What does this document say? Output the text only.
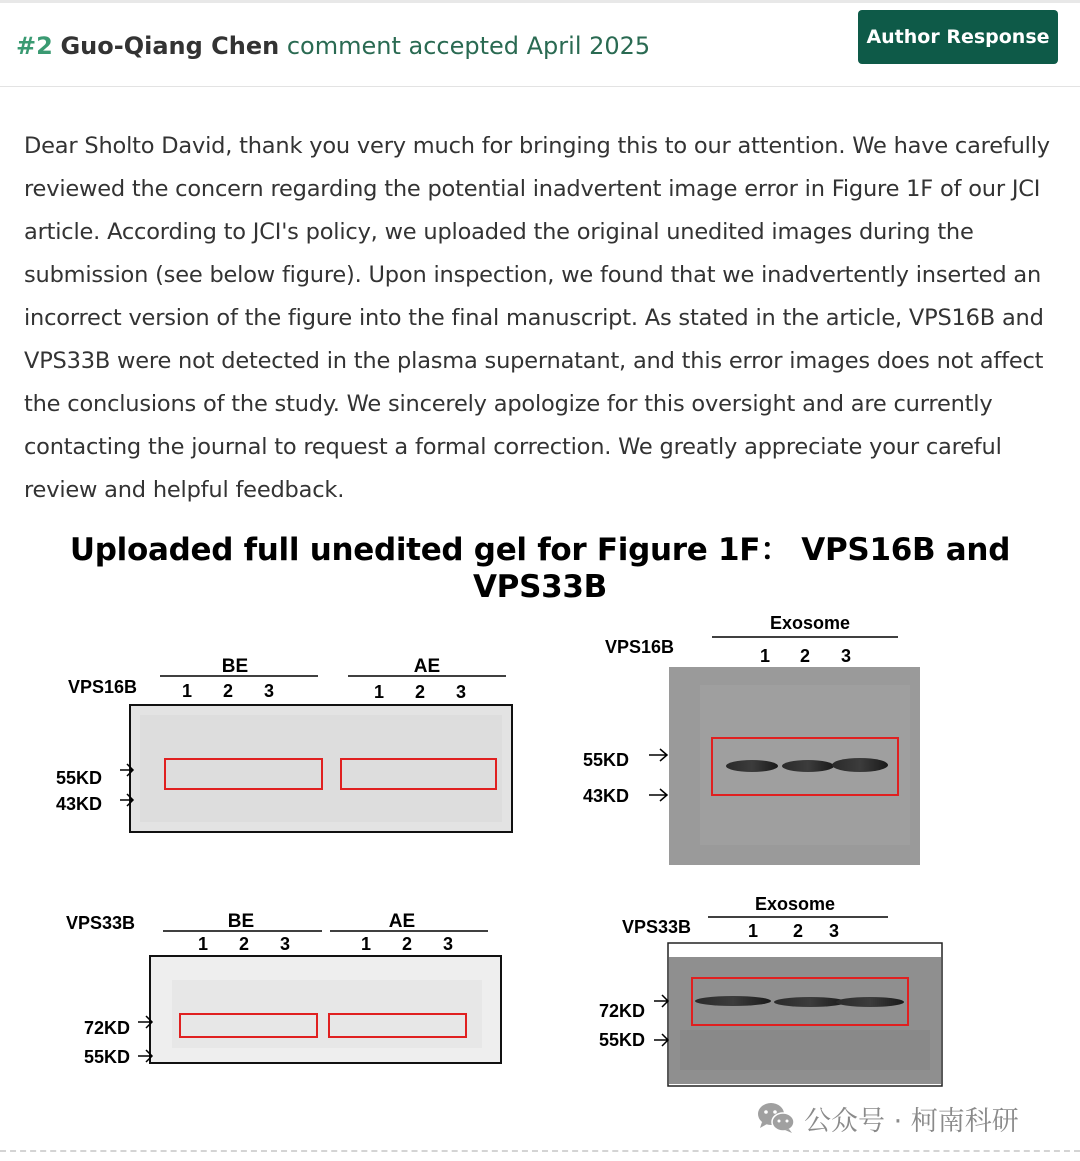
#2 Guo-Qiang Chen comment accepted April 2025	Author Response

Dear Sholto David, thank you very much for bringing this to our attention. We have carefully reviewed the concern regarding the potential inadvertent image error in Figure 1F of our JCI article. According to JCI's policy, we uploaded the original unedited images during the submission (see below figure). Upon inspection, we found that we inadvertently inserted an incorrect version of the figure into the final manuscript. As stated in the article, VPS16B and VPS33B were not detected in the plasma supernatant, and this error images does not affect the conclusions of the study. We sincerely apologize for this oversight and are currently contacting the journal to request a formal correction. We greatly appreciate your careful review and helpful feedback.

Uploaded full unedited gel for Figure 1F： VPS16B and VPS33B
VPS16B
BE	AE
1 2 3	1 2 3
55KD
43KD
VPS16B
Exosome
1 2 3
55KD
43KD
VPS33B	BE	AE
1 2 3	1 2 3
72KD
55KD
VPS33B
Exosome
1 2 3
72KD
55KD
公众号 · 柯南科研
